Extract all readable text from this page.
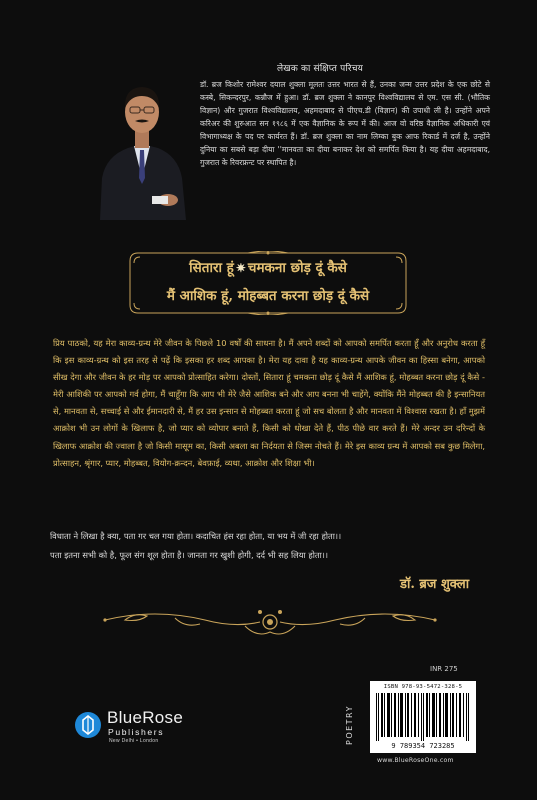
लेखक का संक्षिप्त परिचय
डॉ. ब्रज किशोर रामेश्वर दयाल शुक्ला मूलतः उत्तर भारत से हैं, उनका जन्म उत्तर प्रदेश के एक छोटे से कस्बे, सिकन्दरपुर, कन्नौज में हुआ। डॉ. ब्रज शुक्ला ने कानपुर विश्वविद्यालय से एम. एस सी. (भौतिक विज्ञान) और गुजरात विश्वविद्यालय, अहमदाबाद से पीएच.डी (विज्ञान) की उपाधी ली है। उन्होंने अपने करिअर की शुरुआत सन १९८६ में एक वैज्ञानिक के रूप में की। आज वो वरिष्ठ वैज्ञानिक अधिकारी एवं विभागाध्यक्ष के पद पर कार्यरत हैं। डॉ. ब्रज शुक्ला का नाम लिम्का बुक आफ रिकार्ड में दर्ज है, उन्होंने दुनिया का सबसे बड़ा दीया ''मानवता का दीया बनाकर देश को समर्पित किया है। यह दीया अहमदाबाद, गुजरात के रिवरफ्रन्ट पर स्थापित है।
सितारा हूं ✷ चमकना छोड़ दूं कैसे
मैं आशिक हूं, मोहब्बत करना छोड़ दूं कैसे
प्रिय पाठको, यह मेरा काव्य-ग्रन्थ मेरे जीवन के पिछले 10 वर्षों की साधना है। मैं अपने शब्दों को आपको समर्पित करता हूँ और अनुरोध करता हूँ कि इस काव्य-ग्रन्थ को इस तरह से पढ़ें कि इसका हर शब्द आपका है। मेरा यह दावा है यह काव्य-ग्रन्थ आपके जीवन का हिस्सा बनेगा, आपको सीख देगा और जीवन के हर मोड़ पर आपको प्रोत्साहित करेगा। दोस्तों, सितारा हूं चमकना छोड़ दूं कैसे मैं आशिक हूं, मोहब्बत करना छोड़ दूं कैसे - मेरी आशिकी पर आपको गर्व होगा, मैं चाहूँगा कि आप भी मेरे जैसे आशिक बने और आप बनना भी चाहेंगे, क्योंकि मैंने मोहब्बत की है इन्सानियत से, मानवता से, सच्चाई से और ईमानदारी से, मैं हर उस इन्सान से मोहब्बत करता हूं जो सच बोलता है और मानवता में विश्वास रखता है। हाँ मुझमें आक्रोश भी उन लोगों के खिलाफ है, जो प्यार को व्योपार बनाते हैं, किसी को धोखा देते हैं, पीठ पीछे वार करते हैं। मेरे अन्दर उन दरिन्दों के खिलाफ आक्रोश की ज्वाला है जो किसी मासूम का, किसी अबला का निर्दयता से जिस्म नोचते हैं। मेरे इस काव्य ग्रन्थ में आपको सब कुछ मिलेगा, प्रोत्साहन, श्रृंगार, प्यार, मोहब्बत, वियोग-क्रन्दन, बेवफ़ाई, व्यथा, आक्रोश और शिक्षा भी।
विधाता ने लिखा है क्या, पता गर चल गया होता। कदाचित हंस रहा होता, या भय में जी रहा होता।।
पता इतना सभी को है, फूल संग शूल होता है। जानता गर खुशी होगी, दर्द भी सह लिया होता।।
डॉ. ब्रज शुक्ला
INR 275
POETRY
ISBN 978-93-5472-328-5
9 789354 723285
www.BlueRoseOne.com
BlueRose
Publishers
New Delhi • London
